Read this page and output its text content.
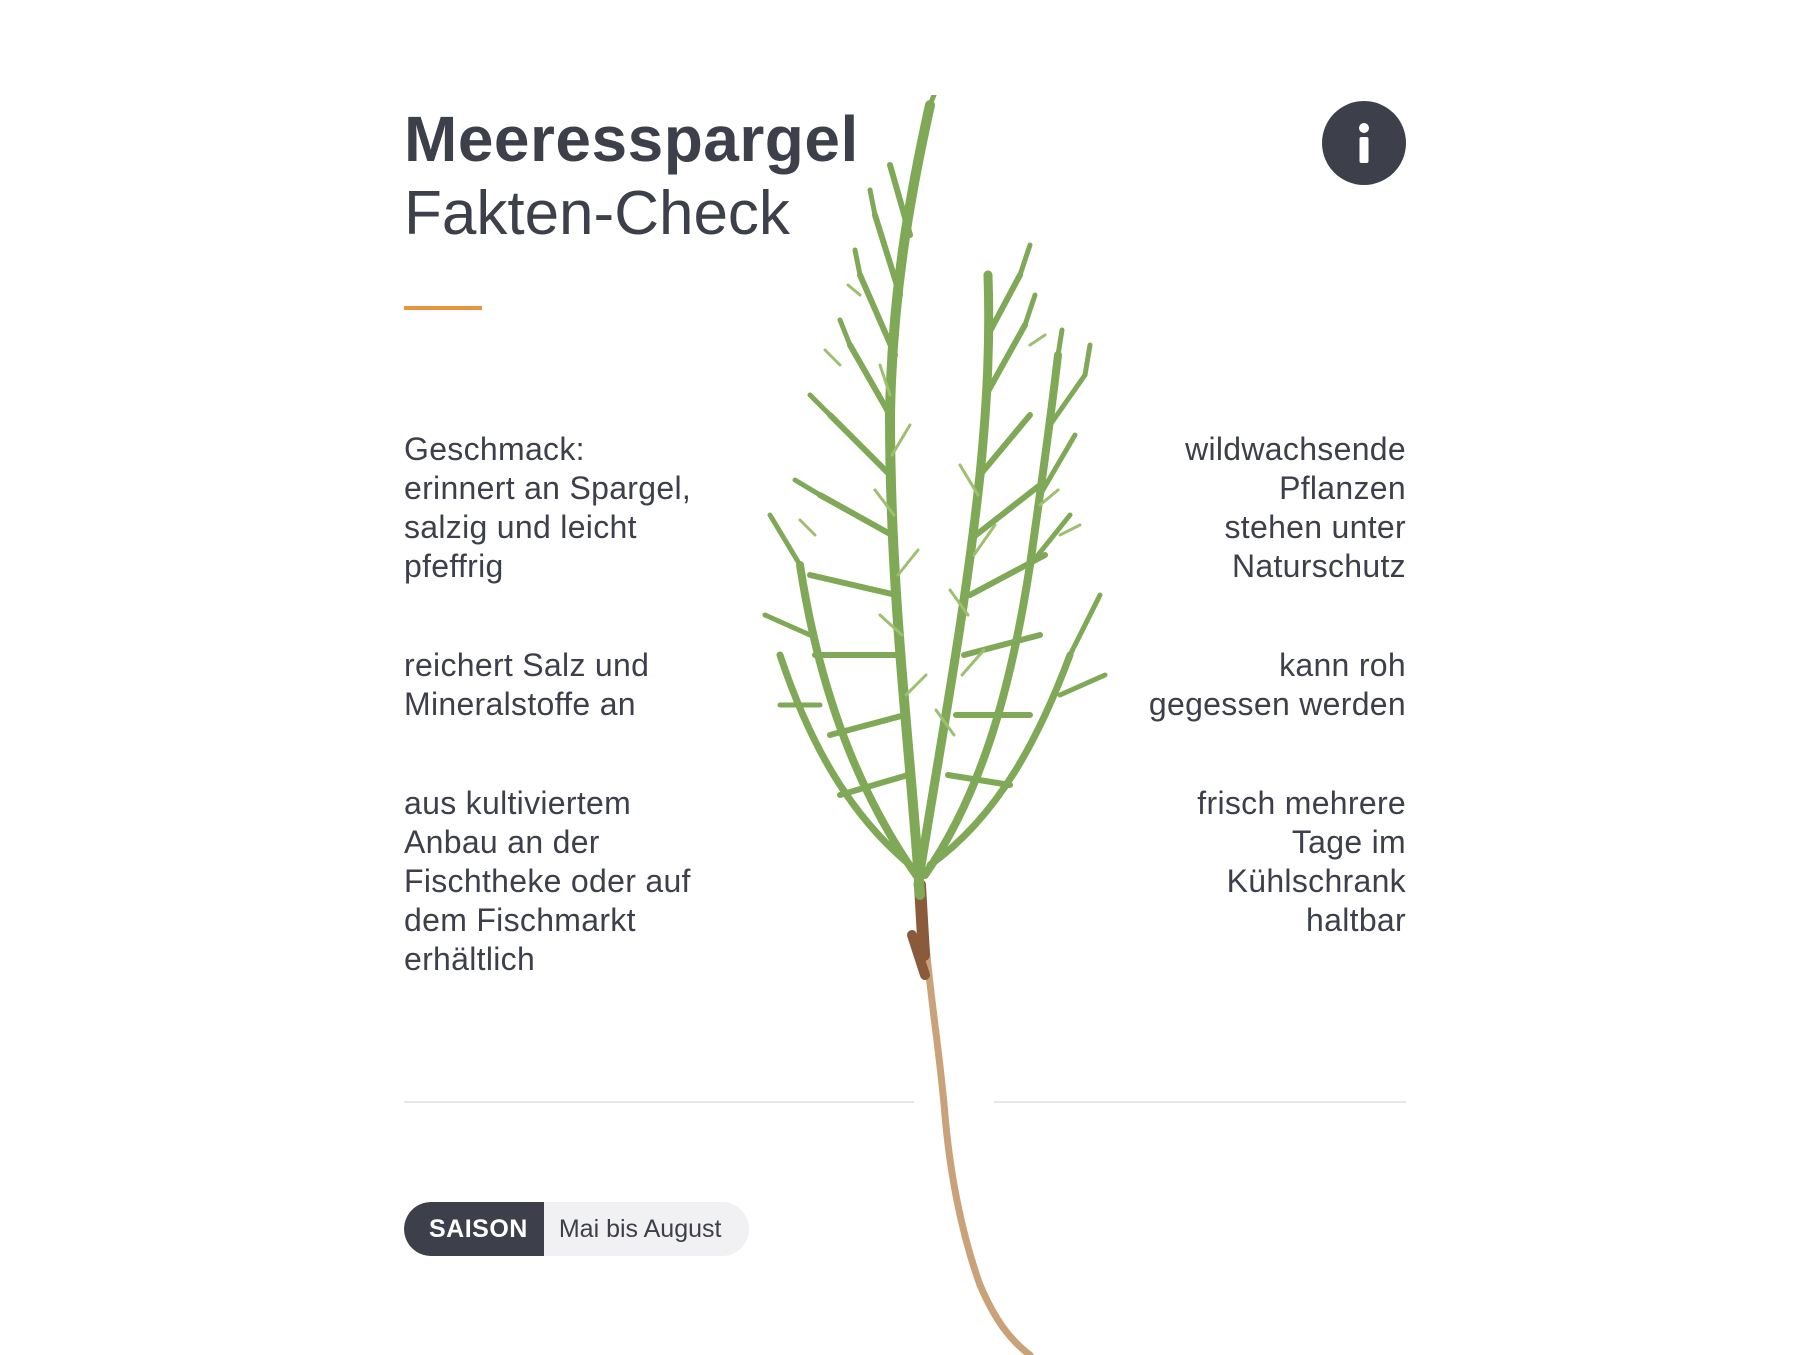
Meeresspargel
Fakten-Check

Geschmack:
erinnert an Spargel,
salzig und leicht
pfeffrig

reichert Salz und
Mineralstoffe an

aus kultiviertem
Anbau an der
Fischtheke oder auf
dem Fischmarkt
erhältlich

wildwachsende
Pflanzen
stehen unter
Naturschutz

kann roh
gegessen werden

frisch mehrere
Tage im
Kühlschrank
haltbar

SAISON	Mai bis August
